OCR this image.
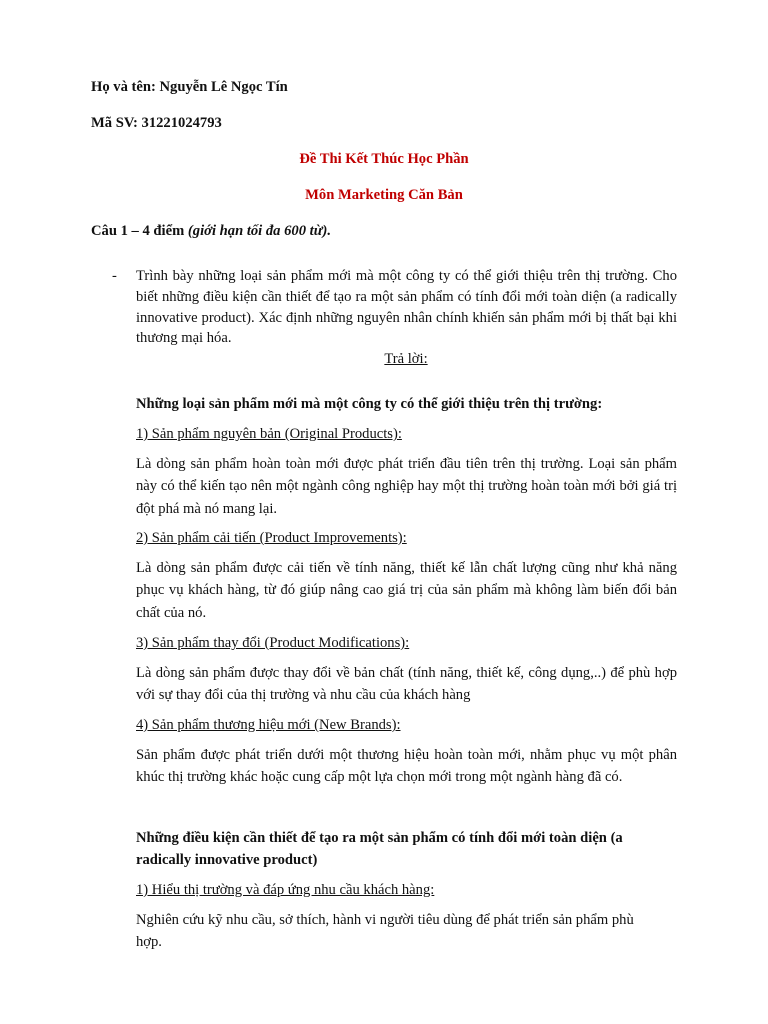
Họ và tên: Nguyễn Lê Ngọc Tín
Mã SV: 31221024793
Đề Thi Kết Thúc Học Phần
Môn Marketing Căn Bản
Câu 1 – 4 điểm (giới hạn tối đa 600 từ).
- Trình bày những loại sản phẩm mới mà một công ty có thể giới thiệu trên thị trường. Cho biết những điều kiện cần thiết để tạo ra một sản phẩm có tính đổi mới toàn diện (a radically innovative product). Xác định những nguyên nhân chính khiến sản phẩm mới bị thất bại khi thương mại hóa.
Trả lời:
Những loại sản phẩm mới mà một công ty có thể giới thiệu trên thị trường:
1) Sản phẩm nguyên bản (Original Products):
Là dòng sản phẩm hoàn toàn mới được phát triển đầu tiên trên thị trường. Loại sản phẩm này có thể kiến tạo nên một ngành công nghiệp hay một thị trường hoàn toàn mới bởi giá trị đột phá mà nó mang lại.
2) Sản phẩm cải tiến (Product Improvements):
Là dòng sản phẩm được cải tiến về tính năng, thiết kế lẫn chất lượng cũng như khả năng phục vụ khách hàng, từ đó giúp nâng cao giá trị của sản phẩm mà không làm biến đổi bản chất của nó.
3) Sản phẩm thay đổi (Product Modifications):
Là dòng sản phẩm được thay đổi về bản chất (tính năng, thiết kế, công dụng,..) để phù hợp với sự thay đổi của thị trường và nhu cầu của khách hàng
4) Sản phẩm thương hiệu mới (New Brands):
Sản phẩm được phát triển dưới một thương hiệu hoàn toàn mới, nhằm phục vụ một phân khúc thị trường khác hoặc cung cấp một lựa chọn mới trong một ngành hàng đã có.
Những điều kiện cần thiết để tạo ra một sản phẩm có tính đổi mới toàn diện (a
radically innovative product)
1) Hiểu thị trường và đáp ứng nhu cầu khách hàng:
Nghiên cứu kỹ nhu cầu, sở thích, hành vi người tiêu dùng để phát triển sản phẩm phù hợp.
